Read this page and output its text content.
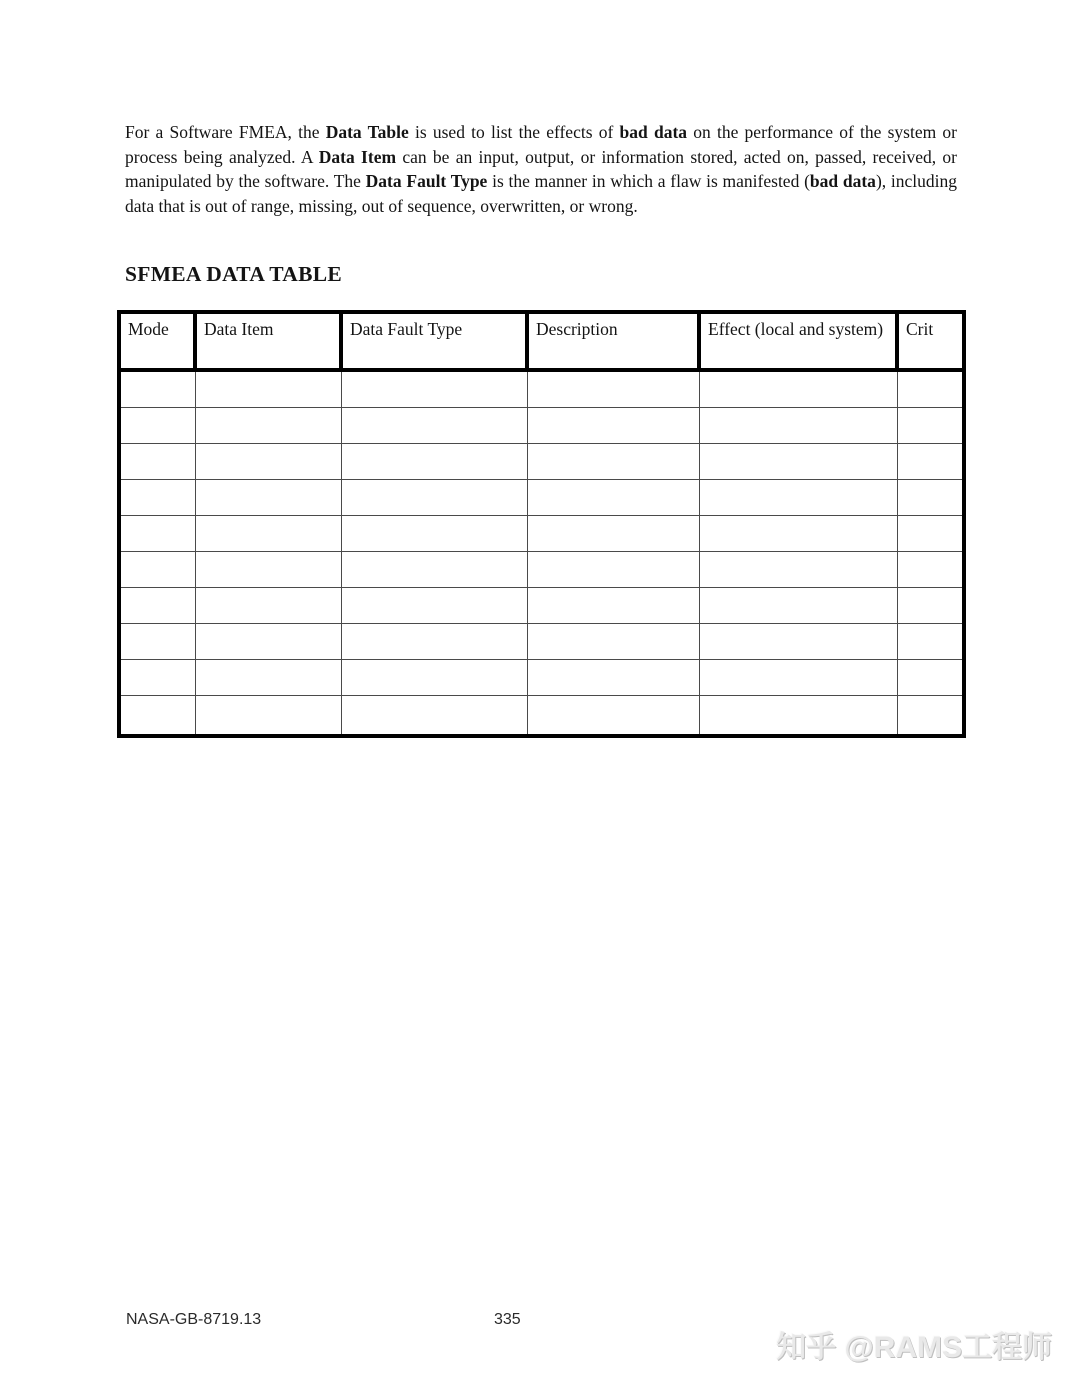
For a Software FMEA, the Data Table is used to list the effects of bad data on the performance of the system or process being analyzed. A Data Item can be an input, output, or information stored, acted on, passed, received, or manipulated by the software. The Data Fault Type is the manner in which a flaw is manifested (bad data), including data that is out of range, missing, out of sequence, overwritten, or wrong.

SFMEA DATA TABLE
Mode	Data Item	Data Fault Type	Description	Effect (local and system)	Crit

NASA-GB-8719.13	335
知乎 @RAMS工程师
